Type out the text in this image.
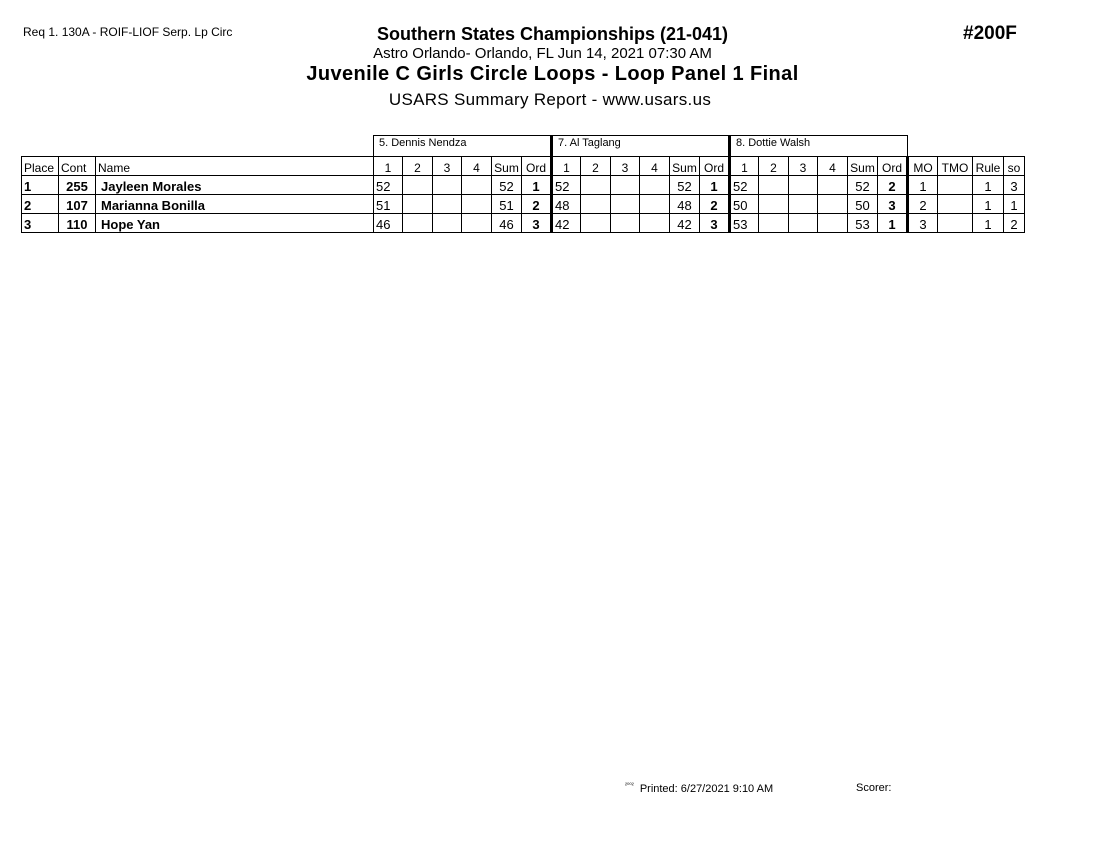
Req 1. 130A - ROIF-LIOF Serp. Lp Circ	Southern States Championships (21-041)
Astro Orlando- Orlando, FL Jun 14, 2021 07:30 AM
Juvenile C Girls Circle Loops - Loop Panel 1 Final
USARS Summary Report - www.usars.us
#200F
			5. Dennis Nendza						7. Al Taglang						8. Dottie Walsh									
Place	Cont	Name	1	2	3	4	Sum	Ord	1	2	3	4	Sum	Ord	1	2	3	4	Sum	Ord	MO	TMO	Rule	so
1	255	Jayleen Morales	52				52	1	52				52	1	52				52	2	1		1	3
2	107	Marianna Bonilla	51				51	2	48				48	2	50				50	3	2		1	1
3	110	Hope Yan	46				46	3	42				42	3	53				53	1	3		1	2
$^{^{2002}}$ Printed: 6/27/2021 9:10 AM	Scorer:
